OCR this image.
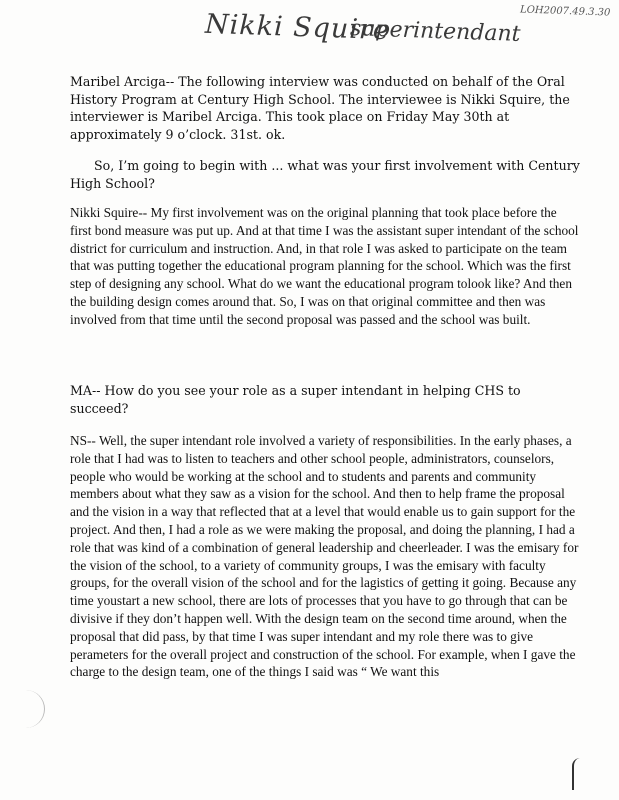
Nikki Squire
superintendant
LOH2007.49.3.30

Maribel Arciga-- The following interview was conducted on behalf of the Oral History Program at Century High School. The interviewee is Nikki Squire, the interviewer is Maribel Arciga. This took place on Friday May 30th at approximately 9 o’clock. 31st. ok.

So, I’m going to begin with ... what was your first involvement with Century High School?

Nikki Squire-- My first involvement was on the original planning that took place before the first bond measure was put up. And at that time I was the assistant super intendant of the school district for curriculum and instruction. And, in that role I was asked to participate on the team that was putting together the educational program planning for the school. Which was the first step of designing any school. What do we want the educational program tolook like? And then the building design comes around that. So, I was on that original committee and then was involved from that time until the second proposal was passed and the school was built.

MA-- How do you see your role as a super intendant in helping CHS to succeed?

NS-- Well, the super intendant role involved a variety of responsibilities. In the early phases, a role that I had was to listen to teachers and other school people, administrators, counselors, people who would be working at the school and to students and parents and community members about what they saw as a vision for the school. And then to help frame the proposal and the vision in a way that reflected that at a level that would enable us to gain support for the project. And then, I had a role as we were making the proposal, and doing the planning, I had a role that was kind of a combination of general leadership and cheerleader. I was the emisary for the vision of the school, to a variety of community groups, I was the emisary with faculty groups, for the overall vision of the school and for the lagistics of getting it going. Because any time youstart a new school, there are lots of processes that you have to go through that can be divisive if they don’t happen well. With the design team on the second time around, when the proposal that did pass, by that time I was super intendant and my role there was to give perameters for the overall project and construction of the school. For example, when I gave the charge to the design team, one of the things I said was “ We want this
